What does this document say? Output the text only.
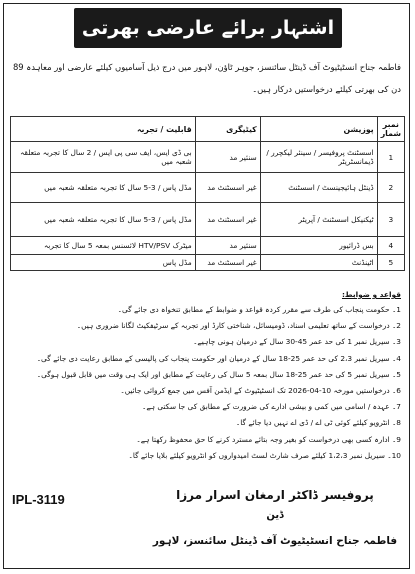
اشتہار برائے عارضی بھرتی
فاطمہ جناح انسٹیٹیوٹ آف ڈینٹل سائنسز، جوہر ٹاؤن، لاہور میں درج ذیل آسامیوں کیلئے عارضی اور معاہدہ 89 دن کی بھرتی کیلئے درخواستیں درکار ہیں۔
نمبر شمار	پوزیشن	کیٹیگری	قابلیت / تجربہ
1	اسسٹنٹ پروفیسر / سینئر لیکچرر / ڈیمانسٹریٹر	سنئیر مد	بی ڈی ایس، ایف سی پی ایس / 2 سال کا تجربہ متعلقہ شعبہ میں
2	ڈینٹل ہائیجینسٹ / اسسٹنٹ	غیر اسسٹنٹ مد	مڈل پاس / 3-5 سال کا تجربہ متعلقہ شعبہ میں
3	ٹیکنیکل اسسٹنٹ / آپریٹر	غیر اسسٹنٹ مد	مڈل پاس / 3-5 سال کا تجربہ متعلقہ شعبہ میں
4	بس ڈرائیور	سنئیر مد	میٹرک HTV/PSV لائسنس بمعہ 5 سال کا تجربہ
5	اٹینڈنٹ	غیر اسسٹنٹ مد	مڈل پاس
قواعد و ضوابط:
1۔ حکومت پنجاب کی طرف سے مقرر کردہ قواعد و ضوابط کے مطابق تنخواہ دی جائے گی۔
2۔ درخواست کے ساتھ تعلیمی اسناد، ڈومیسائل، شناختی کارڈ اور تجربہ کے سرٹیفکیٹ لگانا ضروری ہیں۔
3۔ سیریل نمبر 1 کی حد عمر 45-30 سال کے درمیان ہونی چاہیے۔
4۔ سیریل نمبر 2،3 کی حد عمر 25-18 سال کے درمیان اور حکومت پنجاب کی پالیسی کے مطابق رعایت دی جائے گی۔
5۔ سیریل نمبر 5 کی حد عمر 25-18 سال بمعہ 5 سال کی رعایت کے مطابق اور ایک ہی وقت میں قابل قبول ہوگی۔
6۔ درخواستیں مورخہ 10-04-2026 تک انسٹیٹیوٹ کے ایڈمن آفس میں جمع کروائی جائیں۔
7۔ عہدہ / اسامی میں کمی و بیشی ادارے کی ضرورت کے مطابق کی جا سکتی ہے۔
8۔ انٹرویو کیلئے کوئی ٹی اے / ڈی اے نہیں دیا جائے گا۔
9۔ ادارہ کسی بھی درخواست کو بغیر وجہ بتائے مسترد کرنے کا حق محفوظ رکھتا ہے۔
10۔ سیریل نمبر 1،2،3 کیلئے صرف شارٹ لسٹ امیدواروں کو انٹرویو کیلئے بلایا جائے گا۔
IPL-3119	پروفیسر ڈاکٹر ارمغان اسرار مرزا
ڈین
فاطمہ جناح انسٹیٹیوٹ آف ڈینٹل سائنسز، لاہور
